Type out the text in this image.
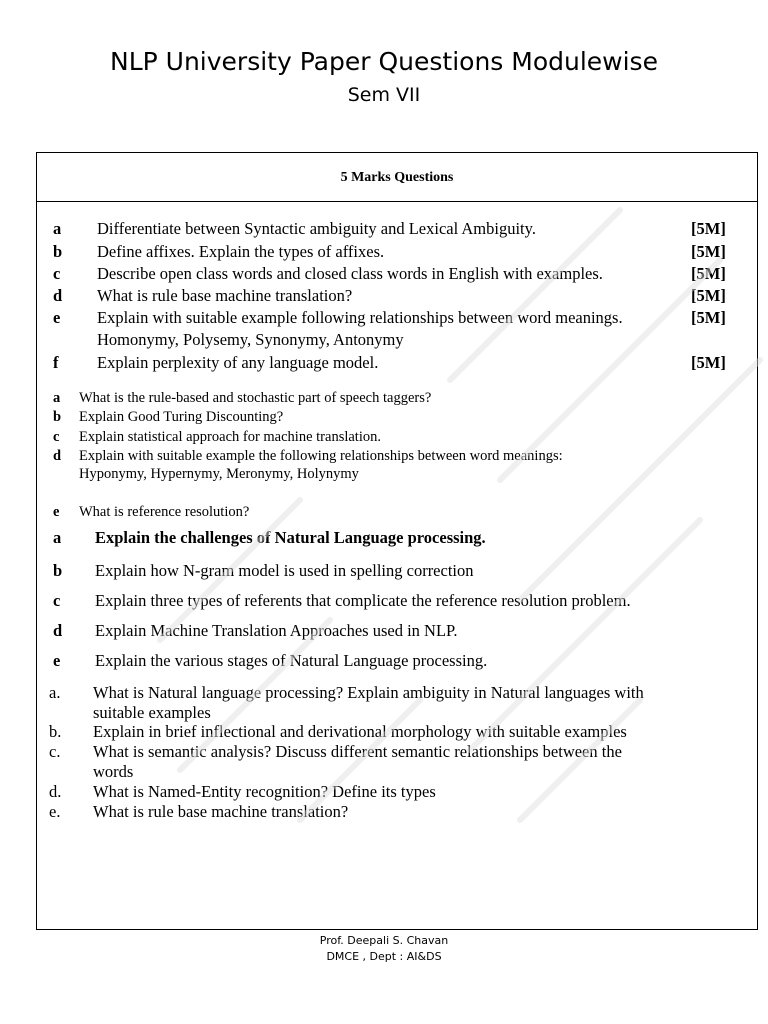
NLP University Paper Questions Modulewise
Sem VII
5 Marks Questions
a Differentiate between Syntactic ambiguity and Lexical Ambiguity.	[5M]
b Define affixes. Explain the types of affixes.	[5M]
c Describe open class words and closed class words in English with examples.	[5M]
d What is rule base machine translation?	[5M]
e Explain with suitable example following relationships between word meanings.	[5M]
Homonymy, Polysemy, Synonymy, Antonymy
f Explain perplexity of any language model.	[5M]
a What is the rule-based and stochastic part of speech taggers?
b Explain Good Turing Discounting?
c Explain statistical approach for machine translation.
d Explain with suitable example the following relationships between word meanings:
Hyponymy, Hypernymy, Meronymy, Holynymy
e What is reference resolution?
a Explain the challenges of Natural Language processing.
b Explain how N-gram model is used in spelling correction
c Explain three types of referents that complicate the reference resolution problem.
d Explain Machine Translation Approaches used in NLP.
e Explain the various stages of Natural Language processing.
a. What is Natural language processing? Explain ambiguity in Natural languages with
suitable examples
b. Explain in brief inflectional and derivational morphology with suitable examples
c. What is semantic analysis? Discuss different semantic relationships between the
words
d. What is Named-Entity recognition? Define its types
e. What is rule base machine translation?
Prof. Deepali S. Chavan
DMCE , Dept : AI&DS
